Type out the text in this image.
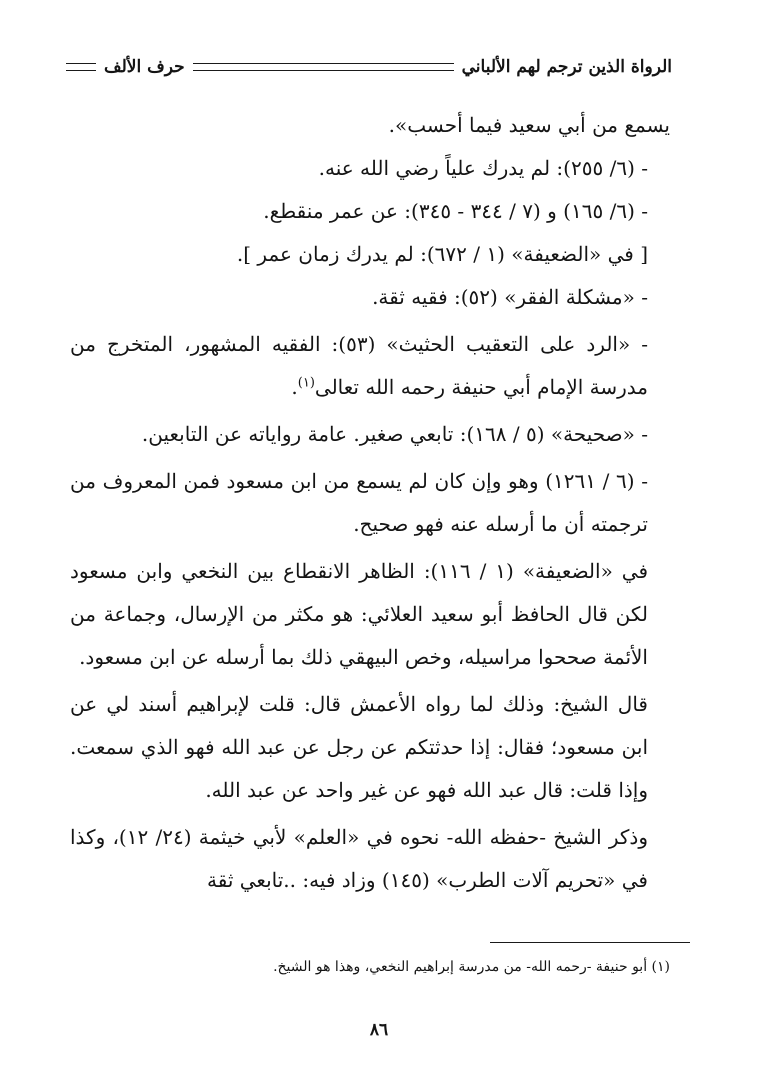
الرواة الذين ترجم لهم الألباني
حرف الألف

يسمع من أبي سعيد فيما أحسب».

- (٦/ ٢٥٥): لم يدرك علياً رضي الله عنه.

- (٦/ ١٦٥) و (٧ / ٣٤٤ - ٣٤٥): عن عمر منقطع.

[ في «الضعيفة» (١ / ٦٧٢): لم يدرك زمان عمر ].

- «مشكلة الفقر» (٥٢): فقيه ثقة.

- «الرد على التعقيب الحثيث» (٥٣): الفقيه المشهور، المتخرج من مدرسة الإمام أبي حنيفة رحمه الله تعالى$^{(١)}$.

- «صحيحة» (٥ / ١٦٨): تابعي صغير. عامة رواياته عن التابعين.

- (٦ / ١٢٦١) وهو وإن كان لم يسمع من ابن مسعود فمن المعروف من ترجمته أن ما أرسله عنه فهو صحيح.

في «الضعيفة» (١ / ١١٦): الظاهر الانقطاع بين النخعي وابن مسعود لكن قال الحافظ أبو سعيد العلائي: هو مكثر من الإرسال، وجماعة من الأئمة صححوا مراسيله، وخص البيهقي ذلك بما أرسله عن ابن مسعود.

قال الشيخ: وذلك لما رواه الأعمش قال: قلت لإبراهيم أسند لي عن ابن مسعود؛ فقال: إذا حدثتكم عن رجل عن عبد الله فهو الذي سمعت. وإذا قلت: قال عبد الله فهو عن غير واحد عن عبد الله.

وذكر الشيخ -حفظه الله- نحوه في «العلم» لأبي خيثمة (٢٤/ ١٢)، وكذا في «تحريم آلات الطرب» (١٤٥) وزاد فيه: ..تابعي ثقة

(١) أبو حنيفة -رحمه الله- من مدرسة إبراهيم النخعي، وهذا هو الشيخ.
٨٦
